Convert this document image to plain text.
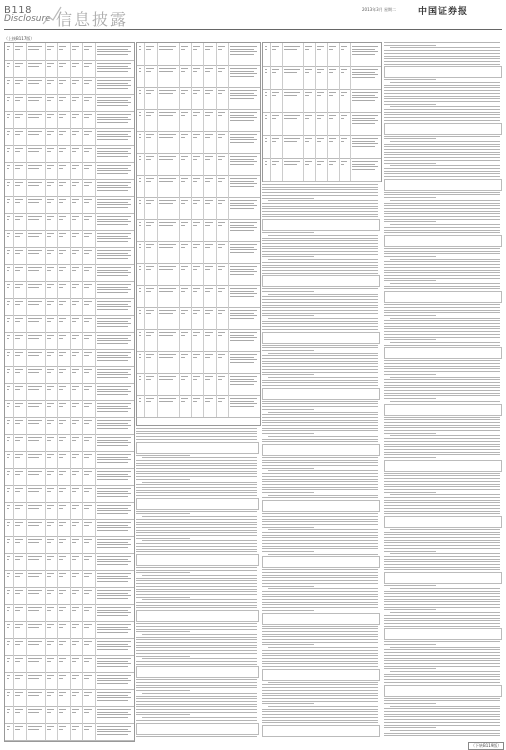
B118
Disclosure 信息披露
2013年3月 星期二 中国证券报
（上接B117版）
（下转B119版）
